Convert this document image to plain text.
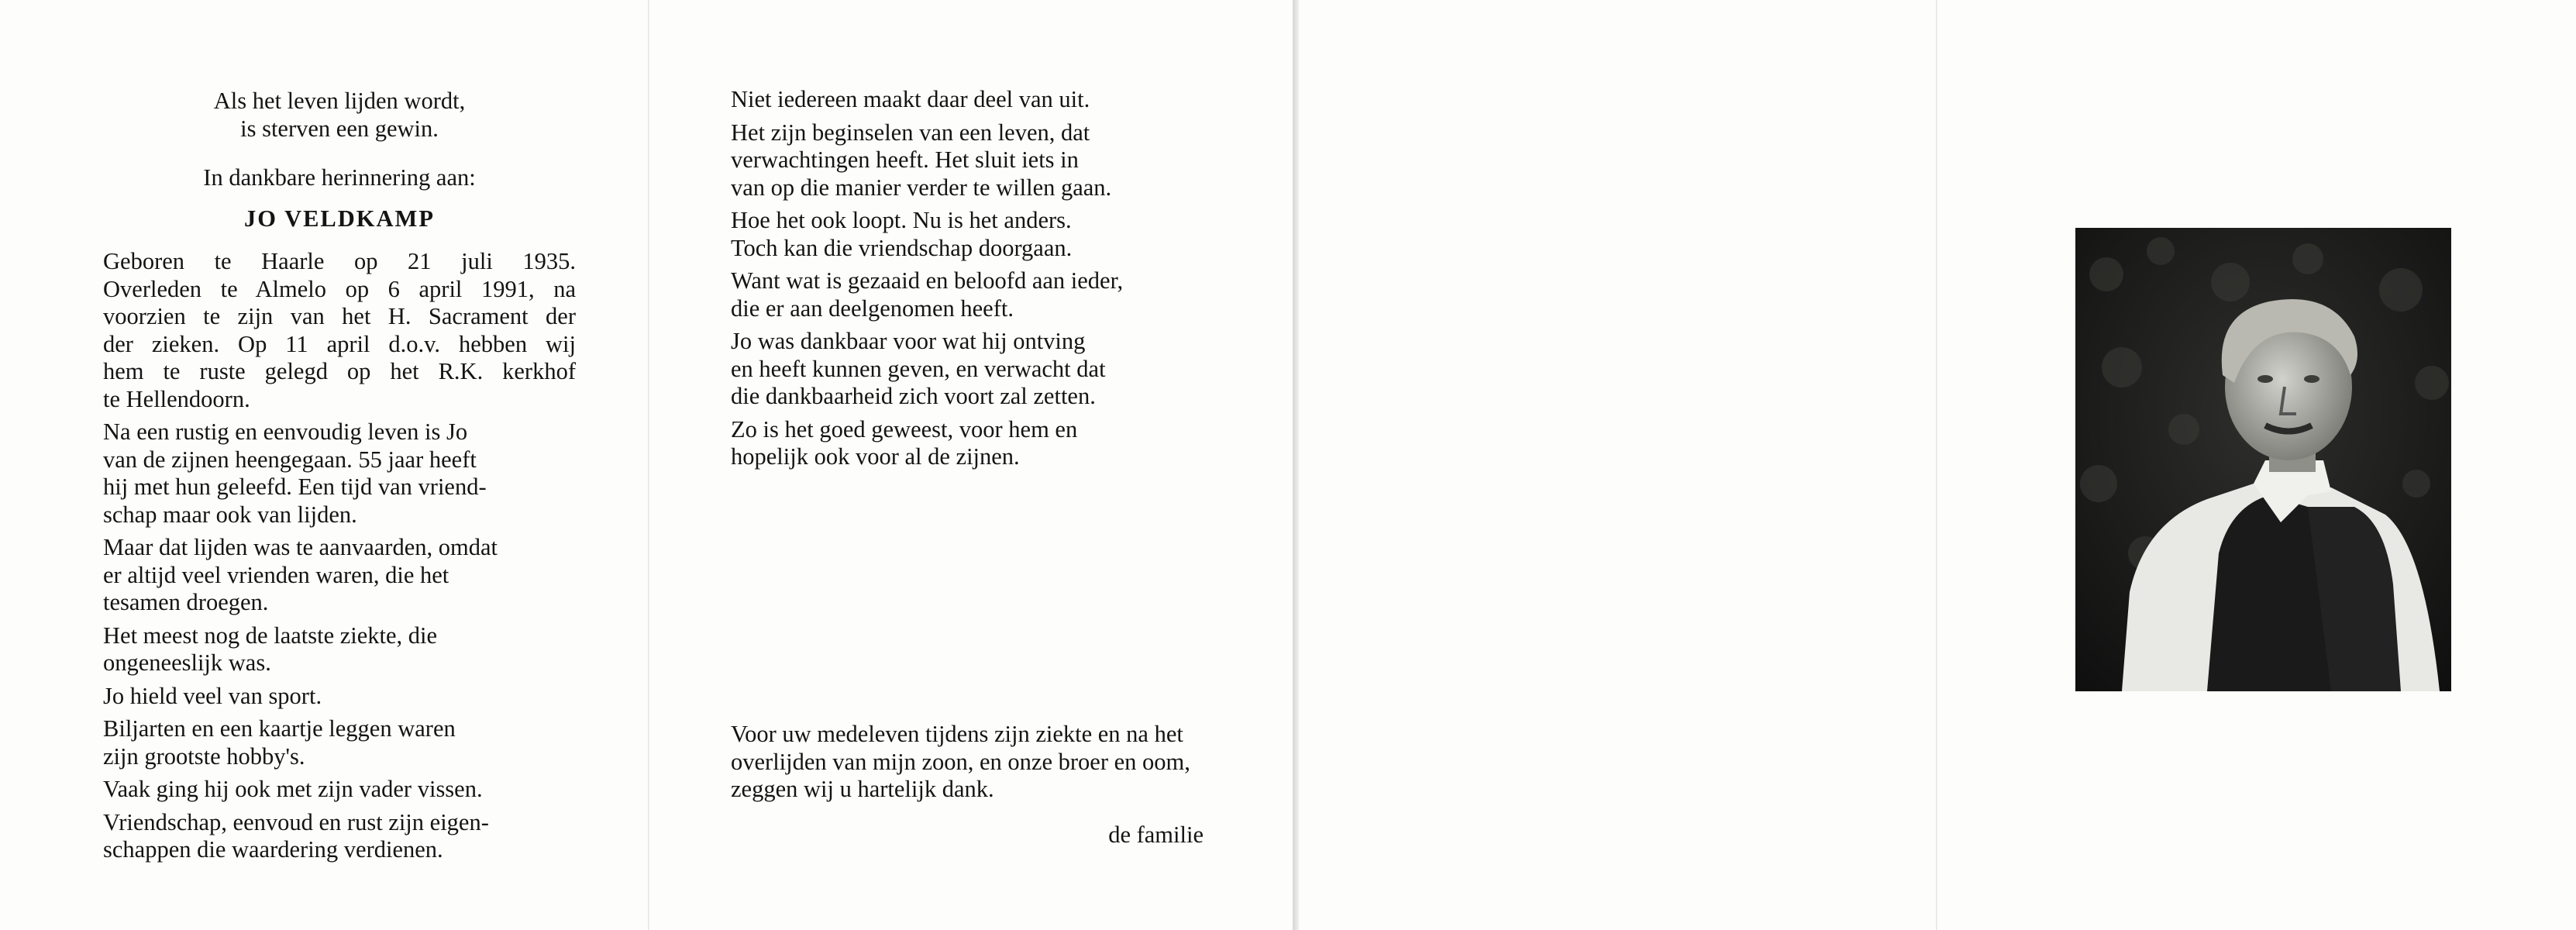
Als het leven lijden wordt,
is sterven een gewin.

In dankbare herinnering aan:

JO VELDKAMP

Geboren te Haarle op 21 juli 1935.
Overleden te Almelo op 6 april 1991, na
voorzien te zijn van het H. Sacrament der
der zieken. Op 11 april d.o.v. hebben wij
hem te ruste gelegd op het R.K. kerkhof
te Hellendoorn.

Na een rustig en eenvoudig leven is Jo
van de zijnen heengegaan. 55 jaar heeft
hij met hun geleefd. Een tijd van vriend-
schap maar ook van lijden.

Maar dat lijden was te aanvaarden, omdat
er altijd veel vrienden waren, die het
tesamen droegen.

Het meest nog de laatste ziekte, die
ongeneeslijk was.

Jo hield veel van sport.

Biljarten en een kaartje leggen waren
zijn grootste hobby's.

Vaak ging hij ook met zijn vader vissen.

Vriendschap, eenvoud en rust zijn eigen-
schappen die waardering verdienen.

Niet iedereen maakt daar deel van uit.

Het zijn beginselen van een leven, dat
verwachtingen heeft. Het sluit iets in
van op die manier verder te willen gaan.

Hoe het ook loopt. Nu is het anders.
Toch kan die vriendschap doorgaan.

Want wat is gezaaid en beloofd aan ieder,
die er aan deelgenomen heeft.

Jo was dankbaar voor wat hij ontving
en heeft kunnen geven, en verwacht dat
die dankbaarheid zich voort zal zetten.

Zo is het goed geweest, voor hem en
hopelijk ook voor al de zijnen.

Voor uw medeleven tijdens zijn ziekte en na het overlijden van mijn zoon, en onze broer en oom, zeggen wij u hartelijk dank.
de familie
